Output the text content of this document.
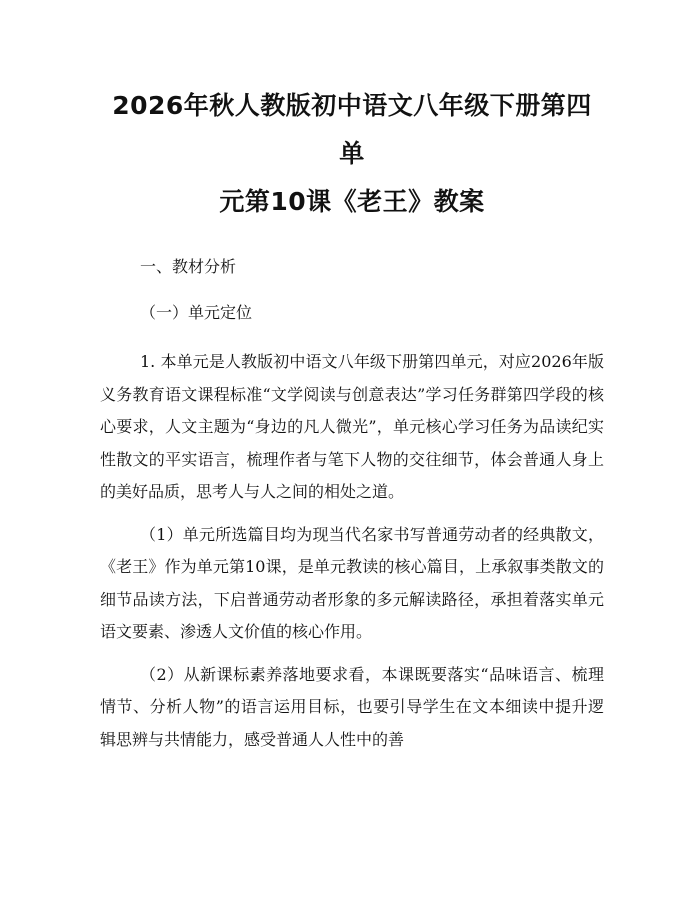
2026年秋人教版初中语文八年级下册第四单
元第10课《老王》教案

一、教材分析

（一）单元定位

1. 本单元是人教版初中语文八年级下册第四单元，对应2026年版义务教育语文课程标准“文学阅读与创意表达”学习任务群第四学段的核心要求，人文主题为“身边的凡人微光”，单元核心学习任务为品读纪实性散文的平实语言，梳理作者与笔下人物的交往细节，体会普通人身上的美好品质，思考人与人之间的相处之道。

（1）单元所选篇目均为现当代名家书写普通劳动者的经典散文，《老王》作为单元第10课，是单元教读的核心篇目，上承叙事类散文的细节品读方法，下启普通劳动者形象的多元解读路径，承担着落实单元语文要素、渗透人文价值的核心作用。

（2）从新课标素养落地要求看，本课既要落实“品味语言、梳理情节、分析人物”的语言运用目标，也要引导学生在文本细读中提升逻辑思辨与共情能力，感受普通人人性中的善
